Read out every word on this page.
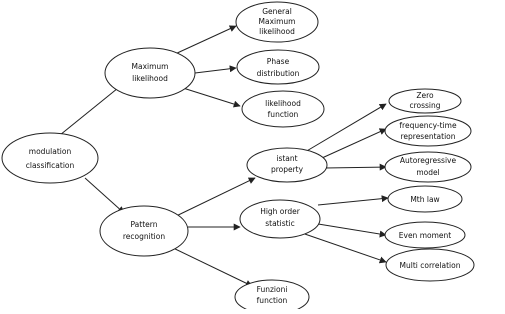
modulation
classification
Maximum
likelihood
Pattern
recognition
General
Maximum
likelihood
Phase
distribution
likelihood
function
istant
property
High order
statistic
Funzioni
function
Zero
crossing
frequency-time
representation
Autoregressive
model
Mth law
Even moment
Multi correlation
